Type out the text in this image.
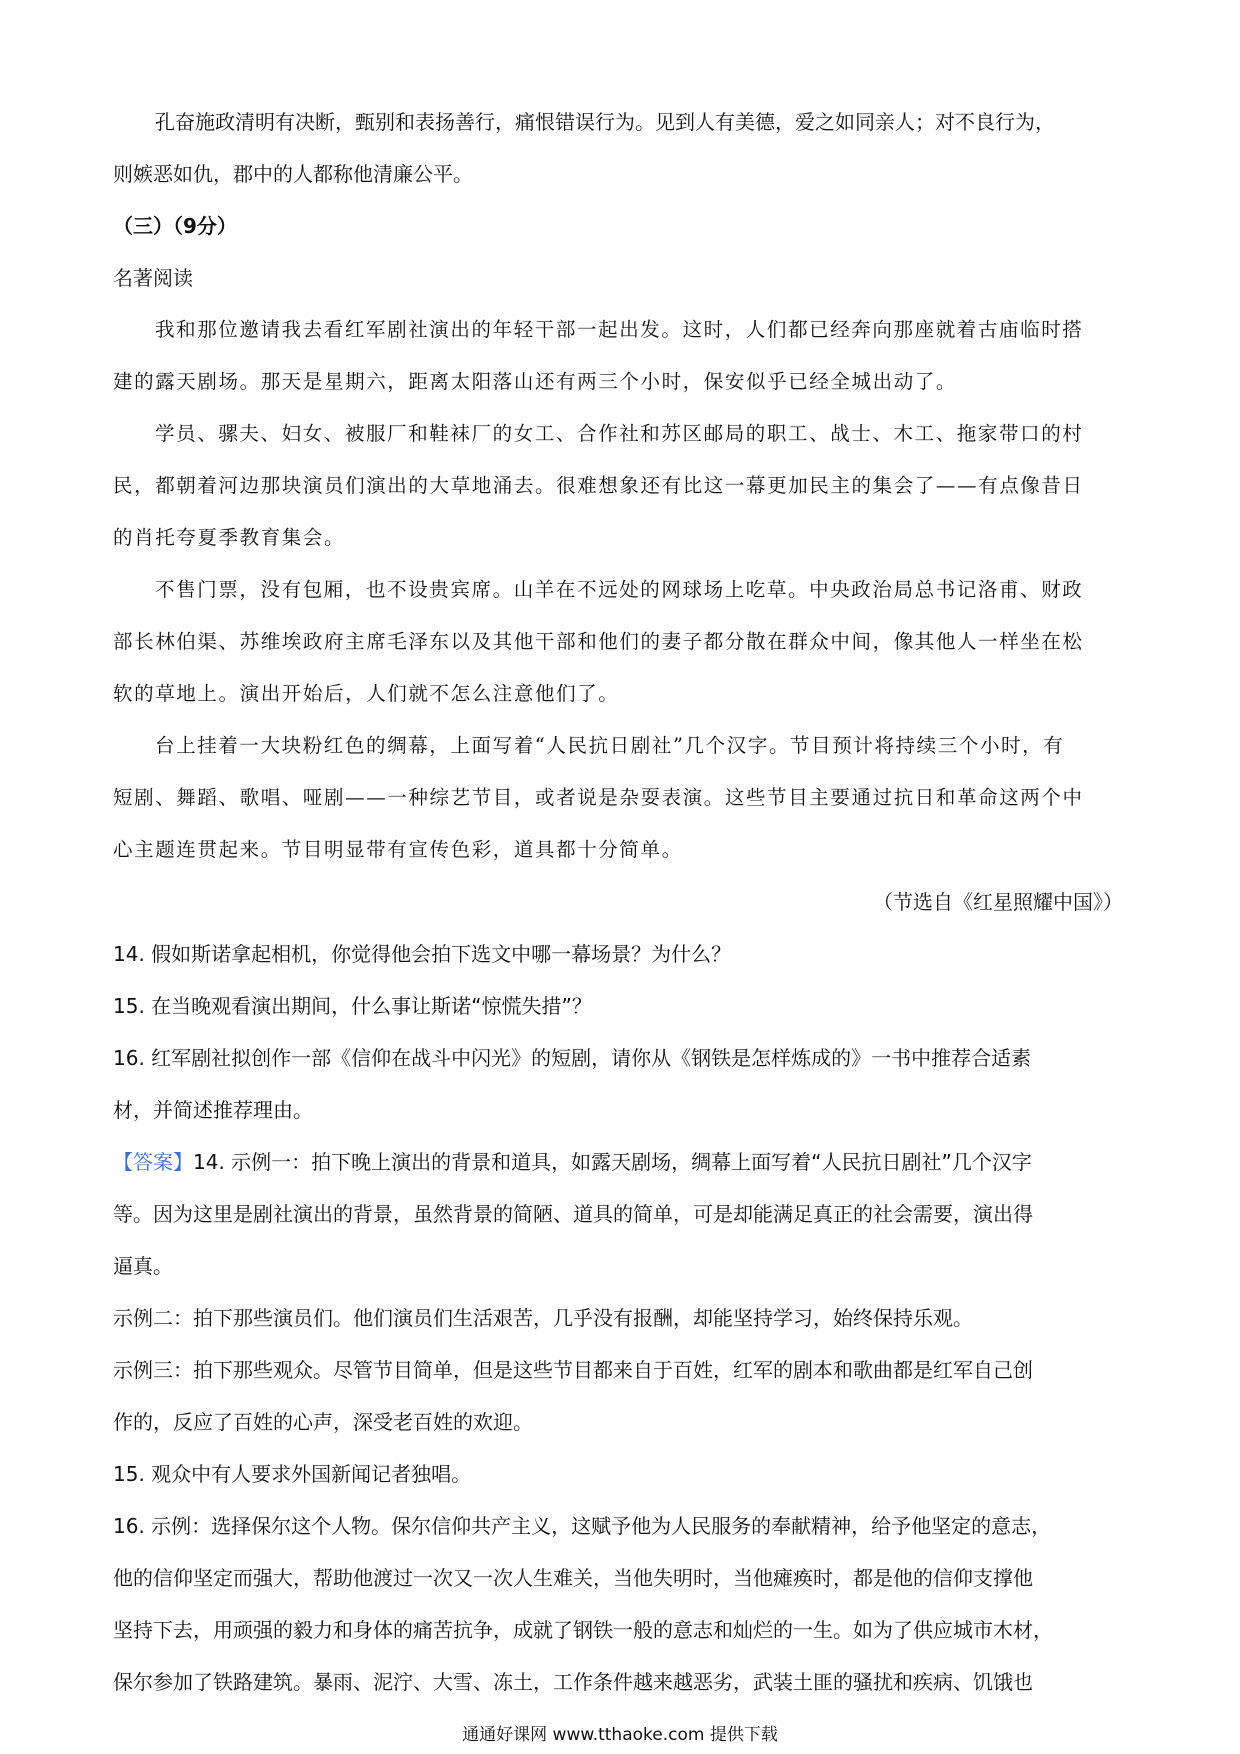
孔奋施政清明有决断，甄别和表扬善行，痛恨错误行为。见到人有美德，爱之如同亲人；对不良行为，

则嫉恶如仇，郡中的人都称他清廉公平。

（三）（9分）

名著阅读

我和那位邀请我去看红军剧社演出的年轻干部一起出发。这时，人们都已经奔向那座就着古庙临时搭

建的露天剧场。那天是星期六，距离太阳落山还有两三个小时，保安似乎已经全城出动了。

学员、骡夫、妇女、被服厂和鞋袜厂的女工、合作社和苏区邮局的职工、战士、木工、拖家带口的村

民，都朝着河边那块演员们演出的大草地涌去。很难想象还有比这一幕更加民主的集会了——有点像昔日

的肖托夸夏季教育集会。

不售门票，没有包厢，也不设贵宾席。山羊在不远处的网球场上吃草。中央政治局总书记洛甫、财政

部长林伯渠、苏维埃政府主席毛泽东以及其他干部和他们的妻子都分散在群众中间，像其他人一样坐在松

软的草地上。演出开始后，人们就不怎么注意他们了。

台上挂着一大块粉红色的绸幕，上面写着“人民抗日剧社”几个汉字。节目预计将持续三个小时，有

短剧、舞蹈、歌唱、哑剧——一种综艺节目，或者说是杂耍表演。这些节目主要通过抗日和革命这两个中

心主题连贯起来。节目明显带有宣传色彩，道具都十分简单。

（节选自《红星照耀中国》）

14. 假如斯诺拿起相机，你觉得他会拍下选文中哪一幕场景？为什么？

15. 在当晚观看演出期间，什么事让斯诺“惊慌失措”？

16. 红军剧社拟创作一部《信仰在战斗中闪光》的短剧，请你从《钢铁是怎样炼成的》一书中推荐合适素

材，并简述推荐理由。

【答案】14. 示例一：拍下晚上演出的背景和道具，如露天剧场，绸幕上面写着“人民抗日剧社”几个汉字

等。因为这里是剧社演出的背景，虽然背景的简陋、道具的简单，可是却能满足真正的社会需要，演出得

逼真。

示例二：拍下那些演员们。他们演员们生活艰苦，几乎没有报酬，却能坚持学习，始终保持乐观。

示例三：拍下那些观众。尽管节目简单，但是这些节目都来自于百姓，红军的剧本和歌曲都是红军自己创

作的，反应了百姓的心声，深受老百姓的欢迎。

15. 观众中有人要求外国新闻记者独唱。

16. 示例：选择保尔这个人物。保尔信仰共产主义，这赋予他为人民服务的奉献精神，给予他坚定的意志，

他的信仰坚定而强大，帮助他渡过一次又一次人生难关，当他失明时，当他瘫痪时，都是他的信仰支撑他

坚持下去，用顽强的毅力和身体的痛苦抗争，成就了钢铁一般的意志和灿烂的一生。如为了供应城市木材，

保尔参加了铁路建筑。暴雨、泥泞、大雪、冻土，工作条件越来越恶劣，武装土匪的骚扰和疾病、饥饿也

通通好课网 www.tthaoke.com 提供下载
